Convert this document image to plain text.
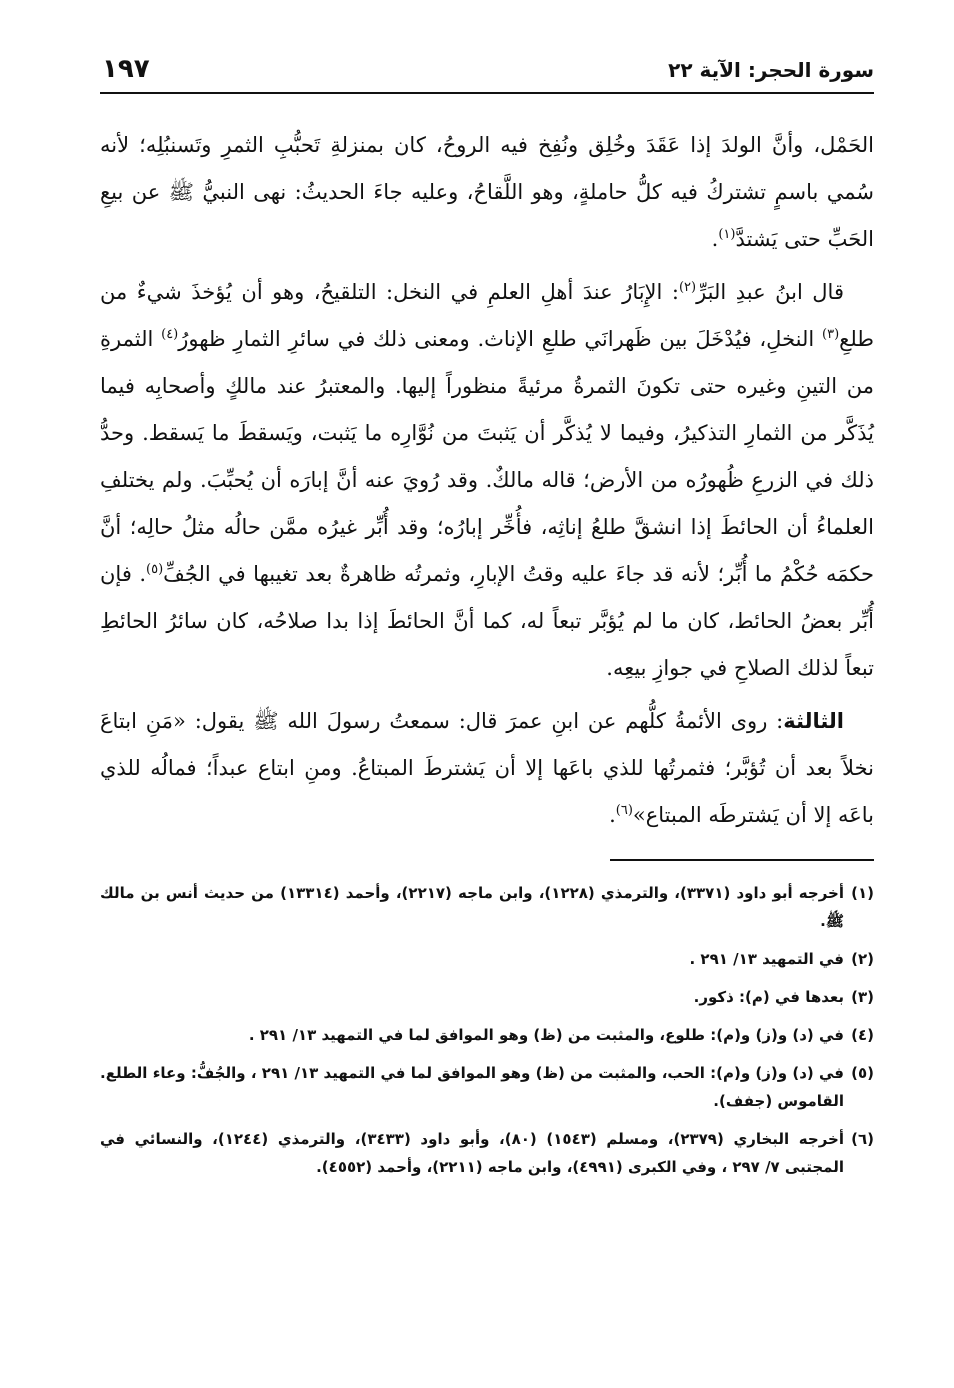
سورة الحجر: الآية ٢٢
١٩٧

الحَمْل، وأنَّ الولدَ إذا عَقَدَ وخُلِق ونُفِخ فيه الروحُ، كان بمنزلةِ تَحبُّبِ الثمرِ وتَسنبُلِه؛ لأنه سُمي باسمٍ تشتركُ فيه كلُّ حاملةٍ، وهو اللَّقاحُ، وعليه جاءَ الحديثُ: نهى النبيُّ ﷺ عن بيعِ الحَبِّ حتى يَشتدَّ$^{(١)}$.

قال ابنُ عبدِ البَرِّ$^{(٢)}$: الإِبَارُ عندَ أهلِ العلمِ في النخل: التلقيحُ، وهو أن يُؤخذَ شيءٌ من طلعِ$^{(٣)}$ النخلِ، فيُدْخَلَ بين ظَهرانَي طلعِ الإناث. ومعنى ذلك في سائرِ الثمارِ ظهورُ$^{(٤)}$ الثمرةِ من التينِ وغيره حتى تكونَ الثمرةُ مرئيةً منظوراً إليها. والمعتبرُ عند مالكٍ وأصحابِه فيما يُذَكَّر من الثمارِ التذكيرُ، وفيما لا يُذكَّر أن يَثبتَ من نُوَّارِه ما يَثبت، ويَسقطَ ما يَسقط. وحدُّ ذلك في الزرعِ ظُهورُه من الأرض؛ قاله مالكٌ. وقد رُويَ عنه أنَّ إبارَه أن يُحبِّبَ. ولم يختلفِ العلماءُ أن الحائطَ إذا انشقَّ طلعُ إناثِه، فأُخِّر إبارُه؛ وقد أُبِّر غيرُه ممَّن حالُه مثلُ حالِه؛ أنَّ حكمَه حُكْمُ ما أُبِّر؛ لأنه قد جاءَ عليه وقتُ الإبارِ، وثمرتُه ظاهرةٌ بعد تغيبها في الجُفِّ$^{(٥)}$. فإن أُبِّر بعضُ الحائط، كان ما لم يُؤبَّر تبعاً له، كما أنَّ الحائطَ إذا بدا صلاحُه، كان سائرُ الحائطِ تبعاً لذلك الصلاحِ في جوازِ بيعِه.

الثالثة: روى الأئمةُ كلُّهم عن ابنِ عمرَ قال: سمعتُ رسولَ الله ﷺ يقول: «مَنِ ابتاعَ نخلاً بعد أن تُؤبَّر؛ فثمرتُها للذي باعَها إلا أن يَشترطَ المبتاعُ. ومنِ ابتاع عبداً؛ فمالُه للذي باعَه إلا أن يَشترطَه المبتاع»$^{(٦)}$.

(١)
أخرجه أبو داود (٣٣٧١)، والترمذي (١٢٢٨)، وابن ماجه (٢٢١٧)، وأحمد (١٣٣١٤) من حديث أنس بن مالك ﷺ.
(٢)
في التمهيد ١٣/ ٢٩١ .
(٣)
بعدها في (م): ذكور.
(٤)
في (د) و(ز) و(م): طلوع، والمثبت من (ظ) وهو الموافق لما في التمهيد ١٣/ ٢٩١ .
(٥)
في (د) و(ز) و(م): الحب، والمثبت من (ظ) وهو الموافق لما في التمهيد ١٣/ ٢٩١ ، والجُفُّ: وعاء الطلع. القاموس (جفف).
(٦)
أخرجه البخاري (٢٣٧٩)، ومسلم (١٥٤٣) (٨٠)، وأبو داود (٣٤٣٣)، والترمذي (١٢٤٤)، والنسائي في المجتبى ٧/ ٢٩٧ ، وفي الكبرى (٤٩٩١)، وابن ماجه (٢٢١١)، وأحمد (٤٥٥٢).
